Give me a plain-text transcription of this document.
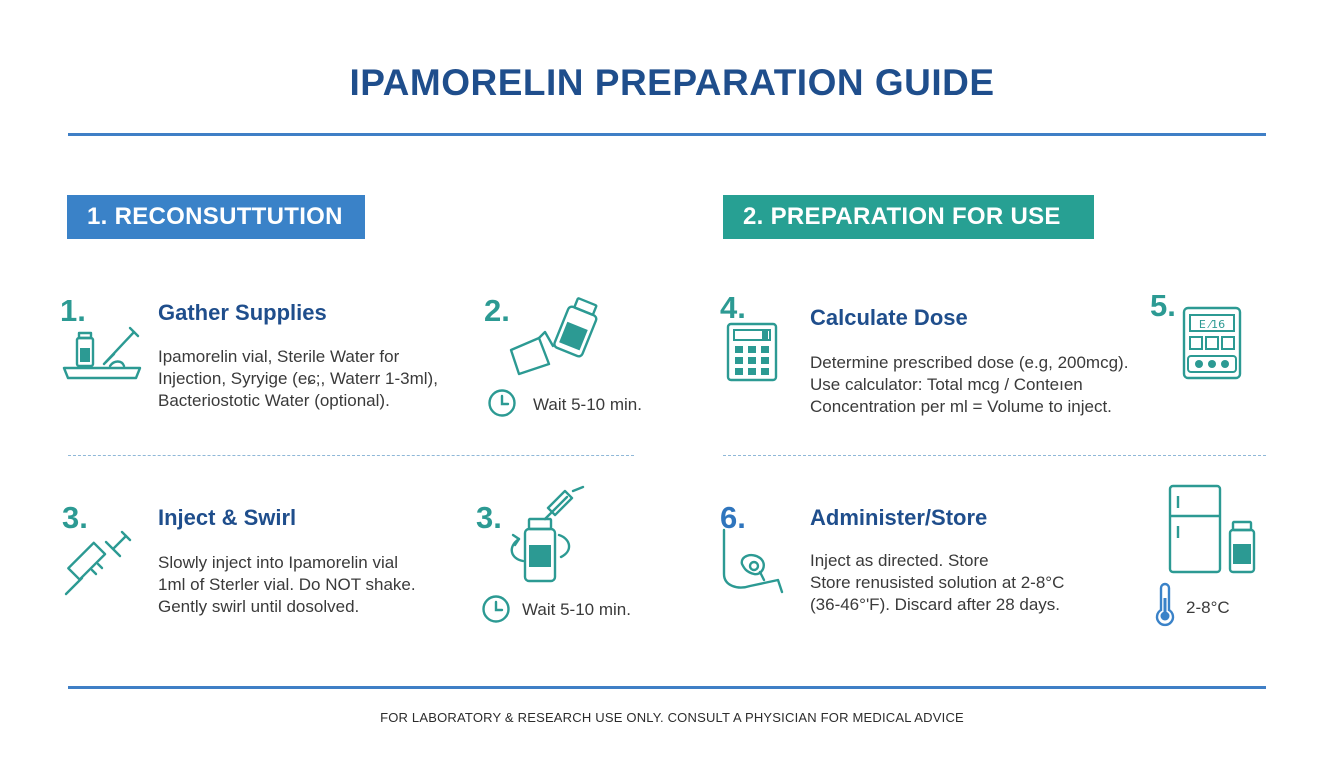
IPAMORELIN PREPARATION GUIDE
1. RECONSUTTUTION	2. PREPARATION FOR USE
1.	Gather Supplies
Ipamorelin vial, Sterile Water for
Injection, Syryige (eɕ;, Waterr 1-3ml),
Bacteriostotic Water (optional).
2.
Wait 5-10 min.
3.	Inject & Swirl
Slowly inject into Ipamorelin vial
1ml of Sterler vial. Do NOT shake.
Gently swirl until dosolved.
3.
Wait 5-10 min.
4.	Calculate Dose
Determine prescribed dose (e.g, 200mcg).
Use calculator: Total mcg / Conteıen
Concentration per ml = Volume to inject.
5.
E ⁄16
6.	Administer/Store
Inject as directed. Store
Store renusisted solution at 2-8°C
(36-46°'F). Discard after 28 days.	2-8°C
FOR LABORATORY & RESEARCH USE ONLY. CONSULT A PHYSICIAN FOR MEDICAL ADVICE
